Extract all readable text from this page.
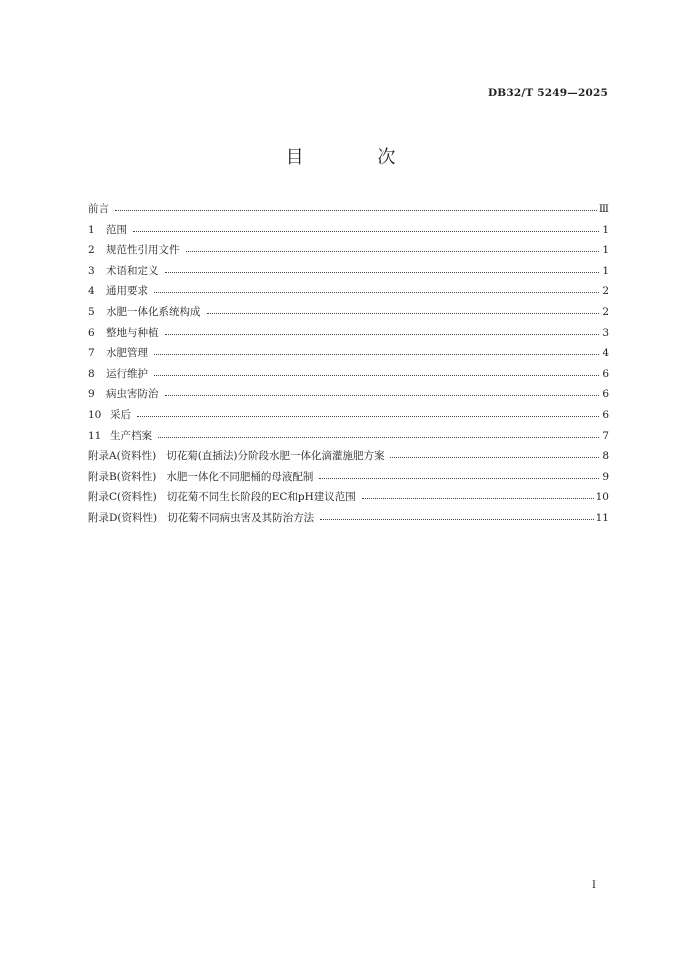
DB32/T 5249—2025
目 次
前言	Ⅲ
1	范围	1
2	规范性引用文件	1
3	术语和定义	1
4	通用要求	2
5	水肥一体化系统构成	2
6	整地与种植	3
7	水肥管理	4
8	运行维护	6
9	病虫害防治	6
10 采后	6
11 生产档案	7
附录A(资料性) 切花菊(直插法)分阶段水肥一体化滴灌施肥方案	8
附录B(资料性) 水肥一体化不同肥桶的母液配制	9
附录C(资料性) 切花菊不同生长阶段的EC和pH建议范围	10
附录D(资料性) 切花菊不同病虫害及其防治方法	11
I
